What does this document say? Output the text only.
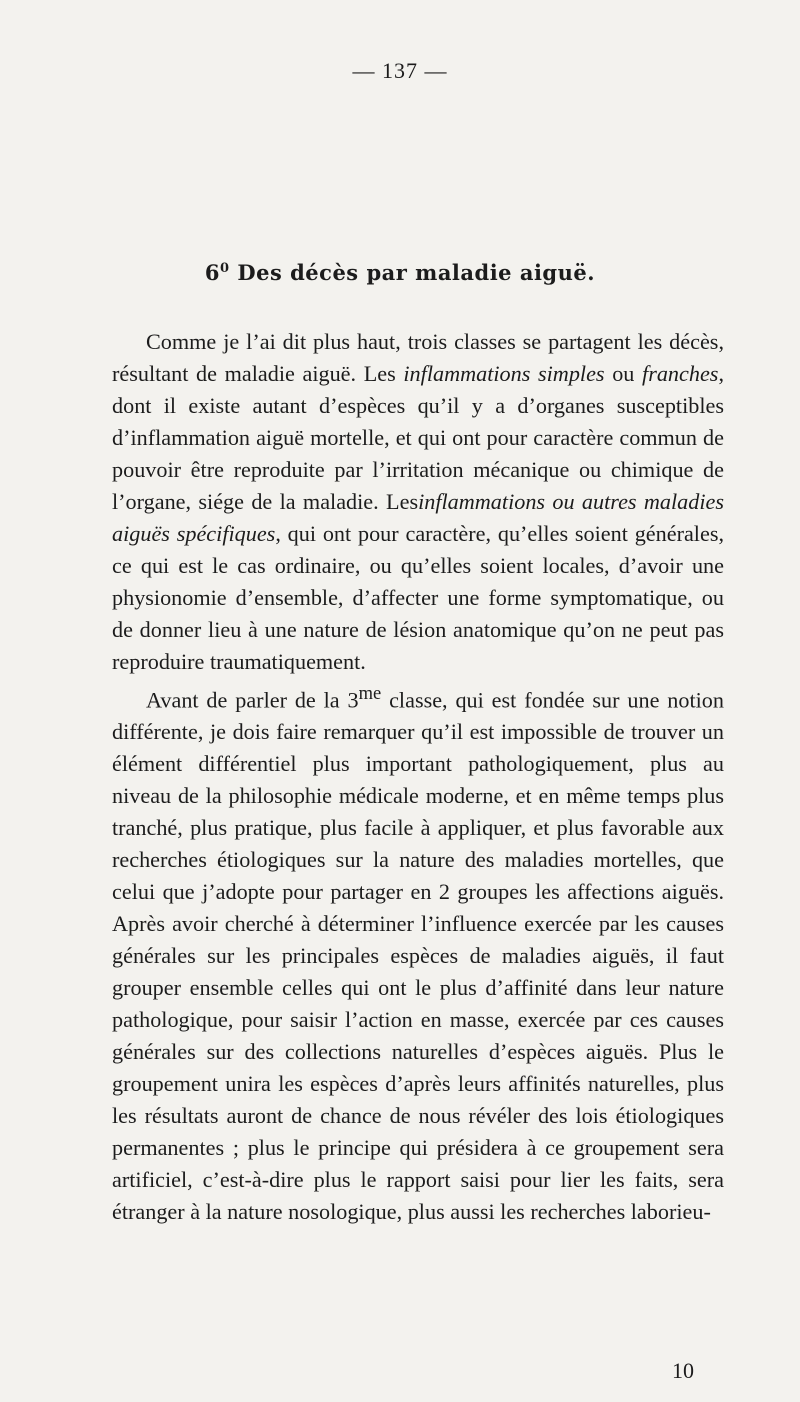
— 137 —
$6^0$ Des décès par maladie aiguë.

Comme je l’ai dit plus haut, trois classes se partagent les décès, résultant de maladie aiguë. Les inflammations simples ou franches, dont il existe autant d’espèces qu’il y a d’organes susceptibles d’inflammation aiguë mortelle, et qui ont pour caractère commun de pouvoir être reproduite par l’irritation mécanique ou chimique de l’organe, siége de la maladie. Lesinflammations ou autres maladies aiguës spécifiques, qui ont pour caractère, qu’elles soient générales, ce qui est le cas ordinaire, ou qu’elles soient locales, d’avoir une physionomie d’ensemble, d’affecter une forme symptomatique, ou de donner lieu à une nature de lésion anatomique qu’on ne peut pas reproduire traumatiquement.

Avant de parler de la $3^{me}$ classe, qui est fondée sur une notion différente, je dois faire remarquer qu’il est impossible de trouver un élément différentiel plus important pathologiquement, plus au niveau de la philosophie médicale moderne, et en même temps plus tranché, plus pratique, plus facile à appliquer, et plus favorable aux recherches étiologiques sur la nature des maladies mortelles, que celui que j’adopte pour partager en 2 groupes les affections aiguës. Après avoir cherché à déterminer l’influence exercée par les causes générales sur les principales espèces de maladies aiguës, il faut grouper ensemble celles qui ont le plus d’affinité dans leur nature pathologique, pour saisir l’action en masse, exercée par ces causes générales sur des collections naturelles d’espèces aiguës. Plus le groupement unira les espèces d’après leurs affinités naturelles, plus les résultats auront de chance de nous révéler des lois étiologiques permanentes ; plus le principe qui présidera à ce groupement sera artificiel, c’est-à-dire plus le rapport saisi pour lier les faits, sera étranger à la nature nosologique, plus aussi les recherches laborieu-

10
